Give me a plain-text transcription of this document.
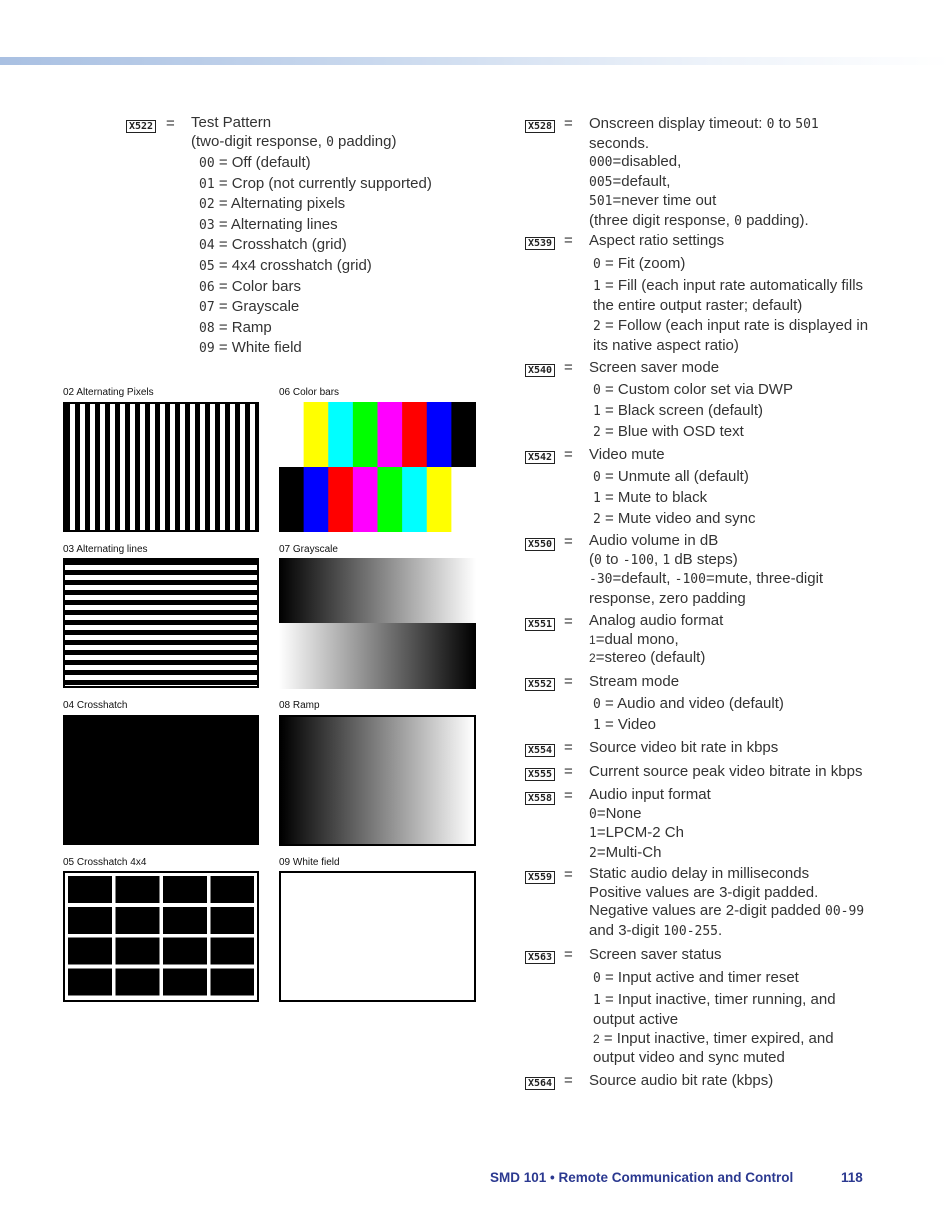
X522 = Test Pattern
(two-digit response, 0 padding)
00 = Off (default)
01 = Crop (not currently supported)
02 = Alternating pixels
03 = Alternating lines
04 = Crosshatch (grid)
05 = 4x4 crosshatch (grid)
06 = Color bars
07 = Grayscale
08 = Ramp
09 = White field
02 Alternating Pixels	06 Color bars
03 Alternating lines	07 Grayscale
04 Crosshatch	08 Ramp
05 Crosshatch 4x4	09 White field
X528 = Onscreen display timeout: 0 to 501
seconds.
000=disabled,
005=default,
501=never time out
(three digit response, 0 padding).
X539 = Aspect ratio settings
0 = Fit (zoom)
1 = Fill (each input rate automatically fills
the entire output raster; default)
2 = Follow (each input rate is displayed in
its native aspect ratio)
X540 = Screen saver mode
0 = Custom color set via DWP
1 = Black screen (default)
2 = Blue with OSD text
X542 = Video mute
0 = Unmute all (default)
1 = Mute to black
2 = Mute video and sync
X550 = Audio volume in dB
(0 to -100, 1 dB steps)
-30=default, -100=mute, three-digit
response, zero padding
X551 = Analog audio format
1=dual mono,
2=stereo (default)
X552 = Stream mode
0 = Audio and video (default)
1 = Video
X554 = Source video bit rate in kbps
X555 = Current source peak video bitrate in kbps
X558 = Audio input format
0=None
1=LPCM-2 Ch
2=Multi-Ch
X559 = Static audio delay in milliseconds
Positive values are 3-digit padded.
Negative values are 2-digit padded 00-99
and 3-digit 100-255.
X563 = Screen saver status
0 = Input active and timer reset
1 = Input inactive, timer running, and
output active
2 = Input inactive, timer expired, and
output video and sync muted
X564 = Source audio bit rate (kbps)
SMD 101 • Remote Communication and Control	118
